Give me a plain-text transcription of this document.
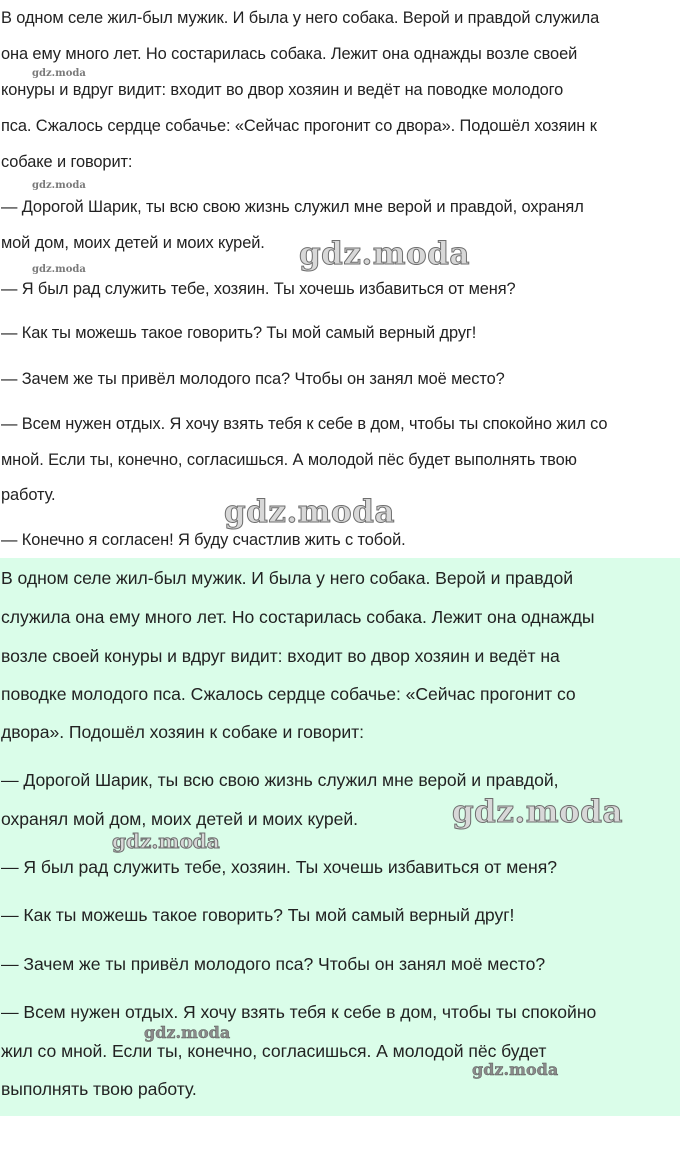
В одном селе жил-был мужик. И была у него собака. Верой и правдой служила
она ему много лет. Но состарилась собака. Лежит она однажды возле своей
конуры и вдруг видит: входит во двор хозяин и ведёт на поводке молодого
пса. Сжалось сердце собачье: «Сейчас прогонит со двора». Подошёл хозяин к
собаке и говорит:
— Дорогой Шарик, ты всю свою жизнь служил мне верой и правдой, охранял
мой дом, моих детей и моих курей.
— Я был рад служить тебе, хозяин. Ты хочешь избавиться от меня?
— Как ты можешь такое говорить? Ты мой самый верный друг!
— Зачем же ты привёл молодого пса? Чтобы он занял моё место?
— Всем нужен отдых. Я хочу взять тебя к себе в дом, чтобы ты спокойно жил со
мной. Если ты, конечно, согласишься. А молодой пёс будет выполнять твою
работу.
— Конечно я согласен! Я буду счастлив жить с тобой.
gdz.moda
gdz.moda
gdz.moda	gdz.moda
gdz.moda
В одном селе жил-был мужик. И была у него собака. Верой и правдой
служила она ему много лет. Но состарилась собака. Лежит она однажды
возле своей конуры и вдруг видит: входит во двор хозяин и ведёт на
поводке молодого пса. Сжалось сердце собачье: «Сейчас прогонит со
двора». Подошёл хозяин к собаке и говорит:
— Дорогой Шарик, ты всю свою жизнь служил мне верой и правдой,
охранял мой дом, моих детей и моих курей.
— Я был рад служить тебе, хозяин. Ты хочешь избавиться от меня?
— Как ты можешь такое говорить? Ты мой самый верный друг!
— Зачем же ты привёл молодого пса? Чтобы он занял моё место?
— Всем нужен отдых. Я хочу взять тебя к себе в дом, чтобы ты спокойно
жил со мной. Если ты, конечно, согласишься. А молодой пёс будет
выполнять твою работу.
gdz.moda
gdz.moda
gdz.moda
gdz.moda
